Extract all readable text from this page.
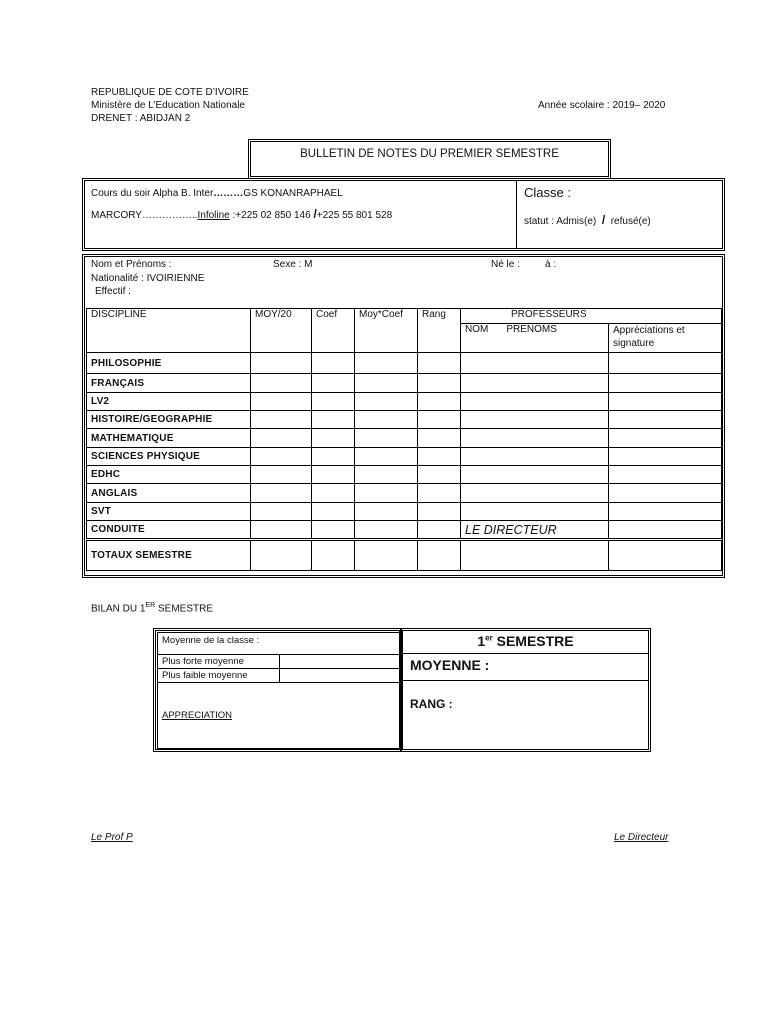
REPUBLIQUE DE COTE D’IVOIRE
Ministère de L’Education Nationale
DRENET : ABIDJAN 2
Année scolaire : 2019– 2020
BULLETIN DE NOTES DU PREMIER SEMESTRE
Cours du soir Alpha B. Inter………GS KONANRAPHAEL
MARCORY……………..Infoline :+225 02 850 146 /+225 55 801 528
Classe :
statut : Admis(e) / refusé(e)
Nom et Prénoms :	Sexe : M	Né le :	à :
Nationalité : IVOIRIENNE
Effectif :
DISCIPLINE	MOY/20	Coef	Moy*Coef	Rang	PROFESSEURS	
					NOM PRENOMS	Appréciations et signature
PHILOSOPHIE						
FRANÇAIS						
LV2						
HISTOIRE/GEOGRAPHIE						
MATHEMATIQUE						
SCIENCES PHYSIQUE						
EDHC						
ANGLAIS						
SVT						
CONDUITE					LE DIRECTEUR	
TOTAUX SEMESTRE						
BILAN DU 1ER SEMESTRE
Moyenne de la classe :	
Plus forte moyenne	
Plus faible moyenne	
APPRECIATION	
1er SEMESTRE
MOYENNE :
RANG :
Le Prof P	Le Directeur
